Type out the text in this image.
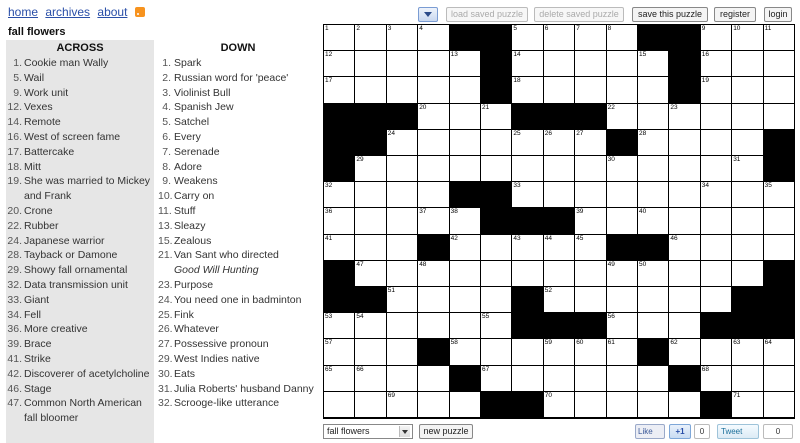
home archives about	load saved puzzle	delete saved puzzle	save this puzzle	register	login
fall flowers
ACROSS
1. Cookie man Wally
5. Wail
9. Work unit
12. Vexes
14. Remote
16. West of screen fame
17. Battercake
18. Mitt
19. She was married to Mickey and Frank
20. Crone
22. Rubber
24. Japanese warrior
28. Tayback or Damone
29. Showy fall ornamental
32. Data transmission unit
33. Giant
34. Fell
36. More creative
39. Brace
41. Strike
42. Discoverer of acetylcholine
46. Stage
47. Common North American fall bloomer
DOWN
1. Spark
2. Russian word for 'peace'
3. Violinist Bull
4. Spanish Jew
5. Satchel
6. Every
7. Serenade
8. Adore
9. Weakens
10. Carry on
11. Stuff
13. Sleazy
15. Zealous
21. Van Sant who directed
Good Will Hunting
23. Purpose
24. You need one in badminton
25. Fink
26. Whatever
27. Possessive pronoun
29. West Indies native
30. Eats
31. Julia Roberts' husband Danny
32. Scrooge-like utterance
1	2	3	4	5	6	7	8	9	10	11
12	13	14	15	16
17	18	19
20	21	22	23
24	25	26	27	28
29	30	31
32	33	34	35
36	37	38	39	40
41	42	43	44	45	46
47	48	49	50
51	52
53	54	55	56
57	58	59	60	61	62	63	64
65	66	67	68
69	70	71
fall flowers	new puzzle	Like	+1	0	Tweet	0
